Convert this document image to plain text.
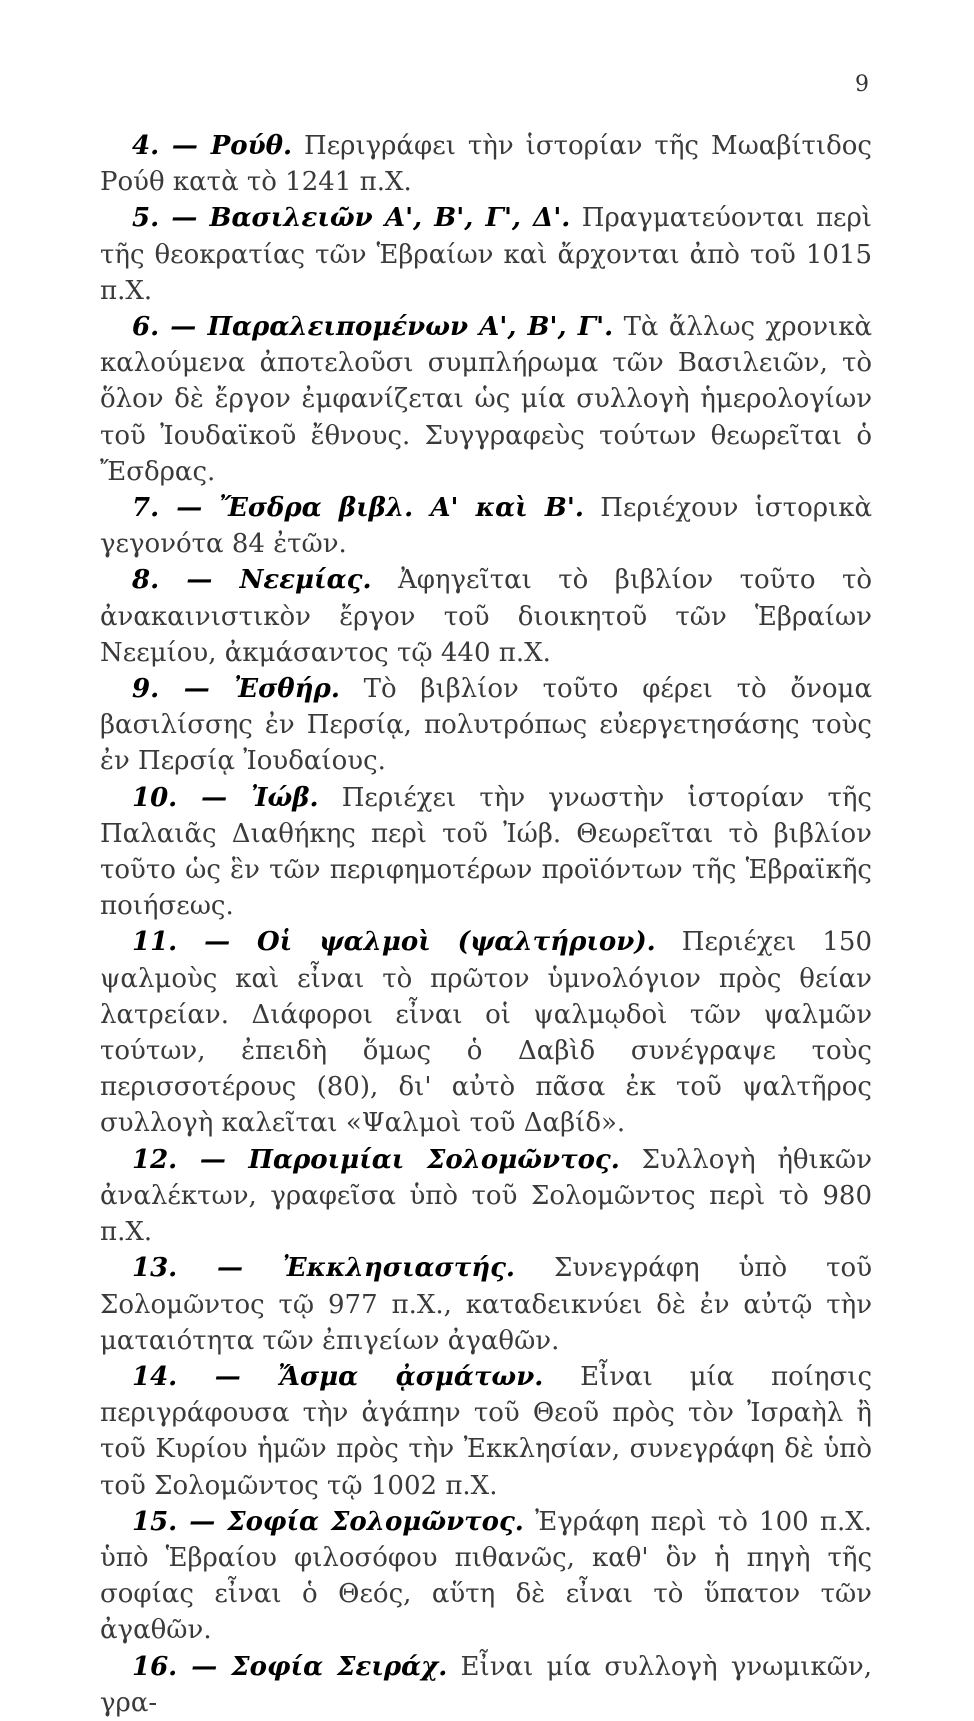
9

4. — Ρούθ. Περιγράφει τὴν ἱστορίαν τῆς Μωαβίτιδος Ρούθ κατὰ τὸ 1241 π.Χ.

5. — Βασιλειῶν Α', Β', Γ', Δ'. Πραγματεύονται περὶ τῆς θεοκρατίας τῶν Ἑβραίων καὶ ἄρχονται ἀπὸ τοῦ 1015 π.Χ.

6. — Παραλειπομένων Α', Β', Γ'. Τὰ ἄλλως χρονικὰ καλούμενα ἀποτελοῦσι συμπλήρωμα τῶν Βασιλειῶν, τὸ ὅλον δὲ ἔργον ἐμφανίζεται ὡς μία συλλογὴ ἡμερολογίων τοῦ Ἰουδαϊκοῦ ἔθνους. Συγγραφεὺς τούτων θεωρεῖται ὁ Ἔσδρας.

7. — Ἔσδρα βιβλ. Α' καὶ Β'. Περιέχουν ἱστορικὰ γεγονότα 84 ἐτῶν.

8. — Νεεμίας. Ἀφηγεῖται τὸ βιβλίον τοῦτο τὸ ἀνακαινιστικὸν ἔργον τοῦ διοικητοῦ τῶν Ἑβραίων Νεεμίου, ἀκμάσαντος τῷ 440 π.Χ.

9. — Ἐσθήρ. Τὸ βιβλίον τοῦτο φέρει τὸ ὄνομα βασιλίσσης ἐν Περσίᾳ, πολυτρόπως εὐεργετησάσης τοὺς ἐν Περσίᾳ Ἰουδαίους.

10. — Ἰώβ. Περιέχει τὴν γνωστὴν ἱστορίαν τῆς Παλαιᾶς Διαθήκης περὶ τοῦ Ἰώβ. Θεωρεῖται τὸ βιβλίον τοῦτο ὡς ἓν τῶν περιφημοτέρων προϊόντων τῆς Ἑβραϊκῆς ποιήσεως.

11. — Οἱ ψαλμοὶ (ψαλτήριον). Περιέχει 150 ψαλμοὺς καὶ εἶναι τὸ πρῶτον ὑμνολόγιον πρὸς θείαν λατρείαν. Διάφοροι εἶναι οἱ ψαλμῳδοὶ τῶν ψαλμῶν τούτων, ἐπειδὴ ὅμως ὁ Δαβὶδ συνέγραψε τοὺς περισσοτέρους (80), δι' αὐτὸ πᾶσα ἐκ τοῦ ψαλτῆρος συλλογὴ καλεῖται «Ψαλμοὶ τοῦ Δαβίδ».

12. — Παροιμίαι Σολομῶντος. Συλλογὴ ἠθικῶν ἀναλέκτων, γραφεῖσα ὑπὸ τοῦ Σολομῶντος περὶ τὸ 980 π.Χ.

13. — Ἐκκλησιαστής. Συνεγράφη ὑπὸ τοῦ Σολομῶντος τῷ 977 π.Χ., καταδεικνύει δὲ ἐν αὐτῷ τὴν ματαιότητα τῶν ἐπιγείων ἀγαθῶν.

14. — Ἄσμα ᾀσμάτων. Εἶναι μία ποίησις περιγράφουσα τὴν ἀγάπην τοῦ Θεοῦ πρὸς τὸν Ἰσραὴλ ἢ τοῦ Κυρίου ἡμῶν πρὸς τὴν Ἐκκλησίαν, συνεγράφη δὲ ὑπὸ τοῦ Σολομῶντος τῷ 1002 π.Χ.

15. — Σοφία Σολομῶντος. Ἐγράφη περὶ τὸ 100 π.Χ. ὑπὸ Ἑβραίου φιλοσόφου πιθανῶς, καθ' ὃν ἡ πηγὴ τῆς σοφίας εἶναι ὁ Θεός, αὕτη δὲ εἶναι τὸ ὕπατον τῶν ἀγαθῶν.

16. — Σοφία Σειράχ. Εἶναι μία συλλογὴ γνωμικῶν, γρα-
